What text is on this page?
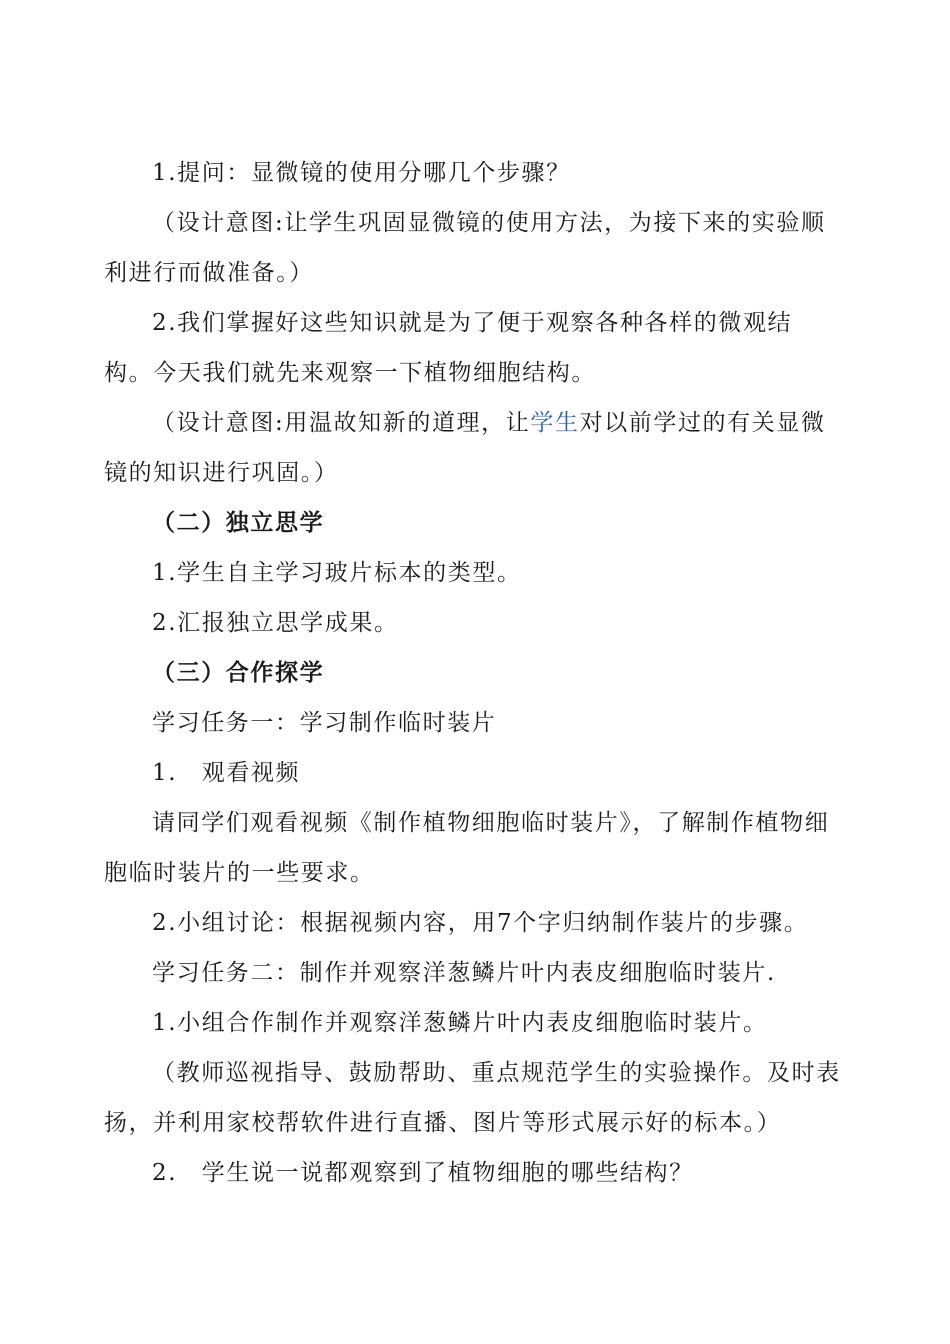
1.提问：显微镜的使用分哪几个步骤？
（设计意图:让学生巩固显微镜的使用方法，为接下来的实验顺
利进行而做准备。）
2.我们掌握好这些知识就是为了便于观察各种各样的微观结
构。今天我们就先来观察一下植物细胞结构。
（设计意图:用温故知新的道理，让学生对以前学过的有关显微
镜的知识进行巩固。）
（二）独立思学
1.学生自主学习玻片标本的类型。
2.汇报独立思学成果。
（三）合作探学
学习任务一：学习制作临时装片
1.　观看视频
请同学们观看视频《制作植物细胞临时装片》，了解制作植物细
胞临时装片的一些要求。
2.小组讨论：根据视频内容，用7个字归纳制作装片的步骤。
学习任务二：制作并观察洋葱鳞片叶内表皮细胞临时装片.
1.小组合作制作并观察洋葱鳞片叶内表皮细胞临时装片。
（教师巡视指导、鼓励帮助、重点规范学生的实验操作。及时表
扬，并利用家校帮软件进行直播、图片等形式展示好的标本。）
2.　学生说一说都观察到了植物细胞的哪些结构？
